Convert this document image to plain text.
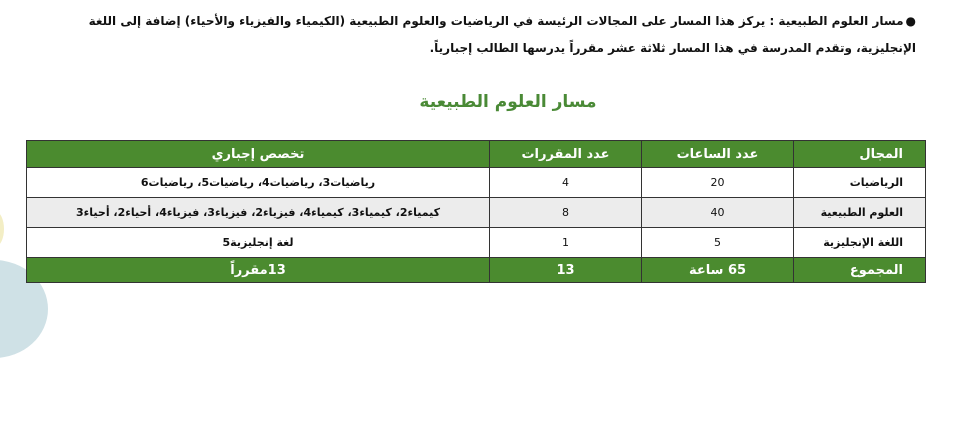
●مسار العلوم الطبيعية : يركز هذا المسار على المجالات الرئيسة في الرياضيات والعلوم الطبيعية (الكيمياء والفيزياء والأحياء) إضافة إلى اللغة الإنجليزية، وتقدم المدرسة في هذا المسار ثلاثة عشر مقرراً يدرسها الطالب إجبارياً.
مسار العلوم الطبيعية
المجال	عدد الساعات	عدد المقررات	تخصص إجباري
الرياضيات	20	4	رياضيات3، رياضيات4، رياضيات5، رياضيات6
العلوم الطبيعية	40	8	كيمياء2، كيمياء3، كيمياء4، فيزياء2، فيزياء3، فيزياء4، أحياء2، أحياء3
اللغة الإنجليزية	5	1	لغة إنجليزية5
المجموع	65 ساعة	13	13مقرراً
